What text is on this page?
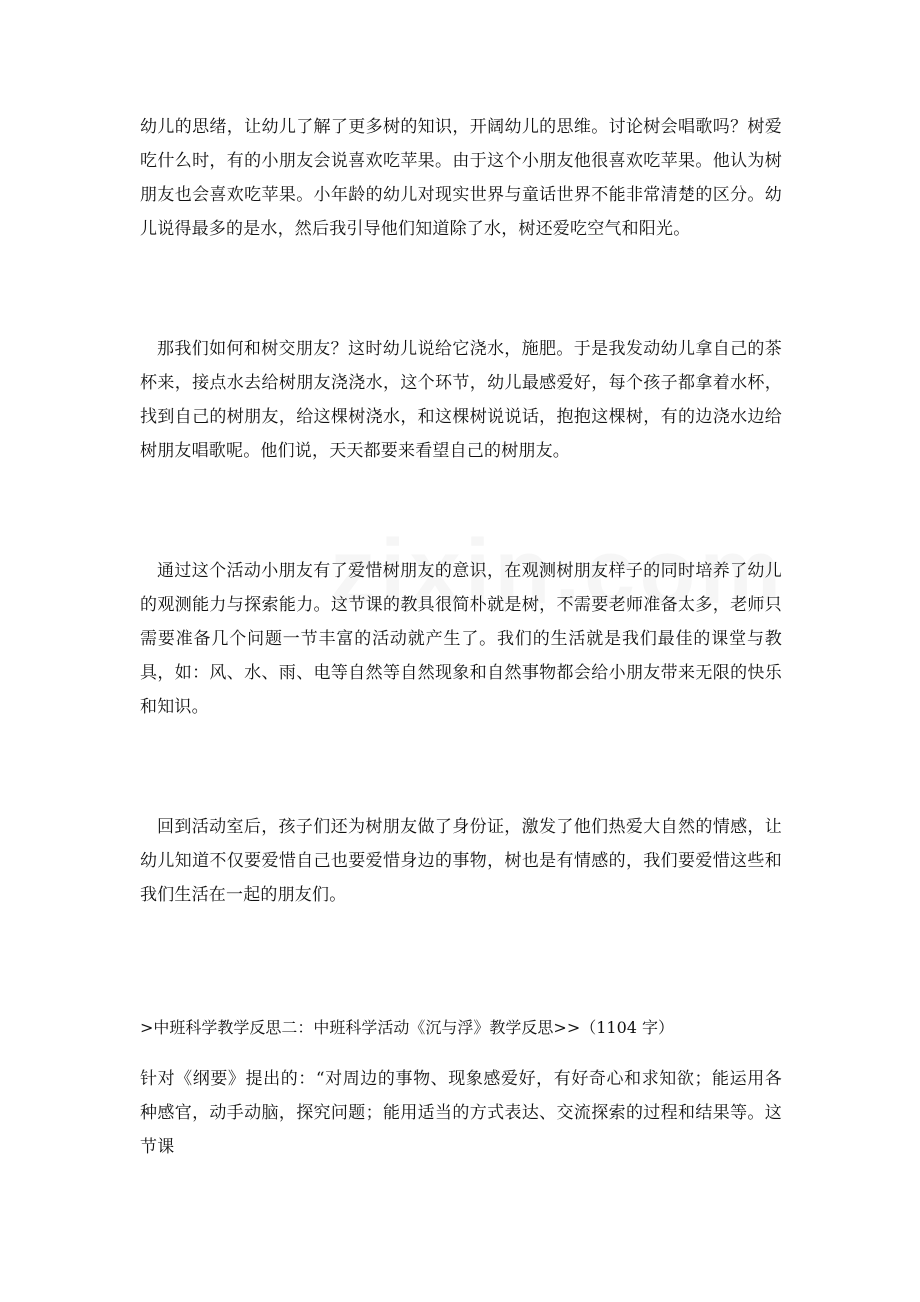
幼儿的思绪，让幼儿了解了更多树的知识，开阔幼儿的思维。讨论树会唱歌吗？树爱吃什么时，有的小朋友会说喜欢吃苹果。由于这个小朋友他很喜欢吃苹果。他认为树朋友也会喜欢吃苹果。小年龄的幼儿对现实世界与童话世界不能非常清楚的区分。幼儿说得最多的是水，然后我引导他们知道除了水，树还爱吃空气和阳光。

那我们如何和树交朋友？这时幼儿说给它浇水，施肥。于是我发动幼儿拿自己的茶杯来，接点水去给树朋友浇浇水，这个环节，幼儿最感爱好，每个孩子都拿着水杯，找到自己的树朋友，给这棵树浇水，和这棵树说说话，抱抱这棵树，有的边浇水边给树朋友唱歌呢。他们说，天天都要来看望自己的树朋友。

通过这个活动小朋友有了爱惜树朋友的意识，在观测树朋友样子的同时培养了幼儿的观测能力与探索能力。这节课的教具很简朴就是树，不需要老师准备太多，老师只需要准备几个问题一节丰富的活动就产生了。我们的生活就是我们最佳的课堂与教具，如：风、水、雨、电等自然等自然现象和自然事物都会给小朋友带来无限的快乐和知识。

回到活动室后，孩子们还为树朋友做了身份证，激发了他们热爱大自然的情感，让幼儿知道不仅要爱惜自己也要爱惜身边的事物，树也是有情感的，我们要爱惜这些和我们生活在一起的朋友们。

>中班科学教学反思二：中班科学活动《沉与浮》教学反思>>（1104 字）

针对《纲要》提出的：“对周边的事物、现象感爱好，有好奇心和求知欲；能运用各种感官，动手动脑，探究问题；能用适当的方式表达、交流探索的过程和结果等。这节课
